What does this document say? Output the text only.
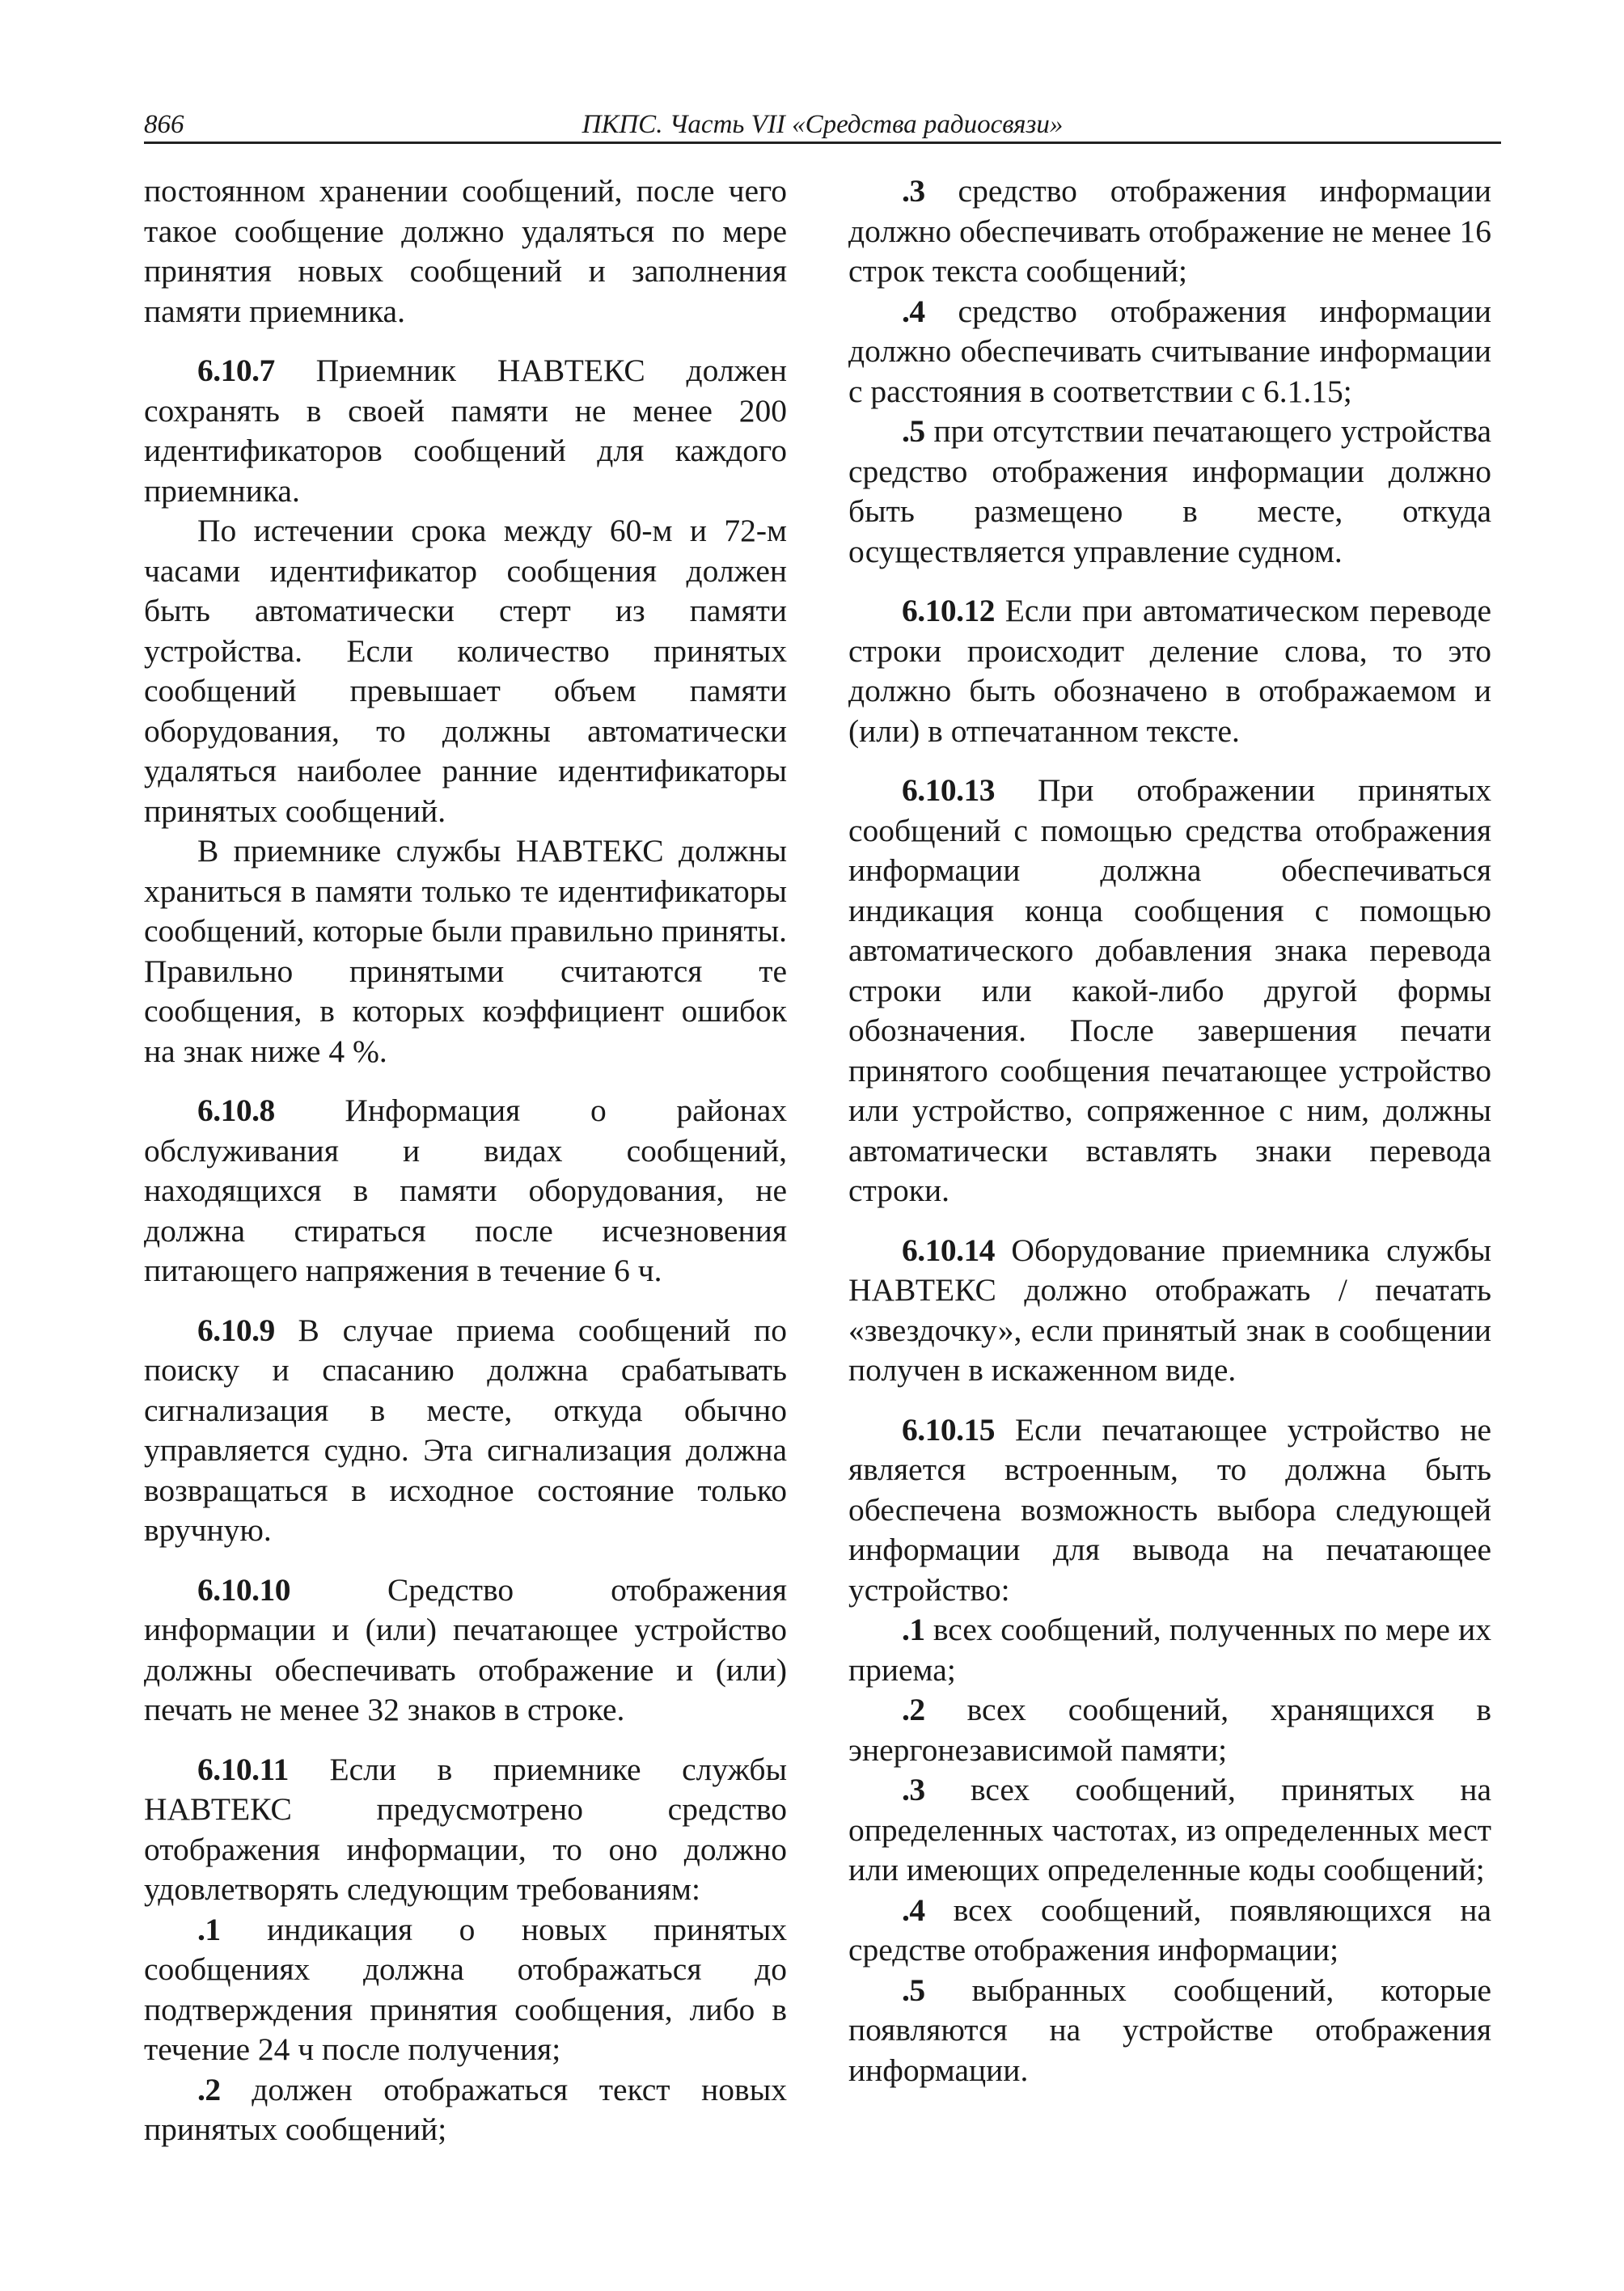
866	ПКПС. Часть VII «Средства радиосвязи»

постоянном хранении сообщений, после чего такое сообщение должно удаляться по мере принятия новых сообщений и заполнения памяти приемника.

6.10.7 Приемник НАВТЕКС должен сохранять в своей памяти не менее 200 идентификаторов сообщений для каждого приемника.

По истечении срока между 60-м и 72-м часами идентификатор сообщения должен быть автоматически стерт из памяти устройства. Если количество принятых сообщений превышает объем памяти оборудования, то должны автоматически удаляться наиболее ранние идентификаторы принятых сообщений.

В приемнике службы НАВТЕКС должны храниться в памяти только те идентификаторы сообщений, которые были правильно приняты. Правильно принятыми считаются те сообщения, в которых коэффициент ошибок на знак ниже 4 %.

6.10.8 Информация о районах обслуживания и видах сообщений, находящихся в памяти оборудования, не должна стираться после исчезновения питающего напряжения в течение 6 ч.

6.10.9 В случае приема сообщений по поиску и спасанию должна срабатывать сигнализация в месте, откуда обычно управляется судно. Эта сигнализация должна возвращаться в исходное состояние только вручную.

6.10.10 Средство отображения информации и (или) печатающее устройство должны обеспечивать отображение и (или) печать не менее 32 знаков в строке.

6.10.11 Если в приемнике службы НАВТЕКС предусмотрено средство отображения информации, то оно должно удовлетворять следующим требованиям:

.1 индикация о новых принятых сообщениях должна отображаться до подтверждения принятия сообщения, либо в течение 24 ч после получения;

.2 должен отображаться текст новых принятых сообщений;

.3 средство отображения информации должно обеспечивать отображение не менее 16 строк текста сообщений;

.4 средство отображения информации должно обеспечивать считывание информации с расстояния в соответствии с 6.1.15;

.5 при отсутствии печатающего устройства средство отображения информации должно быть размещено в месте, откуда осуществляется управление судном.

6.10.12 Если при автоматическом переводе строки происходит деление слова, то это должно быть обозначено в отображаемом и (или) в отпечатанном тексте.

6.10.13 При отображении принятых сообщений с помощью средства отображения информации должна обеспечиваться индикация конца сообщения с помощью автоматического добавления знака перевода строки или какой-либо другой формы обозначения. После завершения печати принятого сообщения печатающее устройство или устройство, сопряженное с ним, должны автоматически вставлять знаки перевода строки.

6.10.14 Оборудование приемника службы НАВТЕКС должно отображать / печатать «звездочку», если принятый знак в сообщении получен в искаженном виде.

6.10.15 Если печатающее устройство не является встроенным, то должна быть обеспечена возможность выбора следующей информации для вывода на печатающее устройство:

.1 всех сообщений, полученных по мере их приема;

.2 всех сообщений, хранящихся в энергонезависимой памяти;

.3 всех сообщений, принятых на определенных частотах, из определенных мест или имеющих определенные коды сообщений;

.4 всех сообщений, появляющихся на средстве отображения информации;

.5 выбранных сообщений, которые появляются на устройстве отображения информации.
